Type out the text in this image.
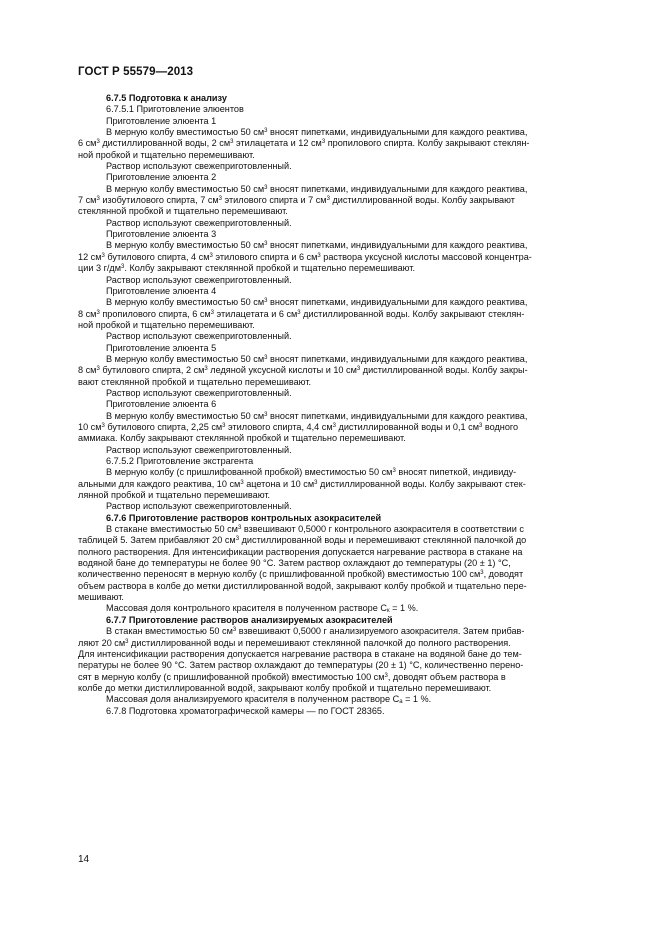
ГОСТ Р 55579—2013

6.7.5 Подготовка к анализу

6.7.5.1 Приготовление элюентов

Приготовление элюента 1

В мерную колбу вместимостью 50 $см^3$ вносят пипетками, индивидуальными для каждого реактива,
6 $см^3$ дистиллированной воды, 2 $см^3$ этилацетата и 12 $см^3$ пропилового спирта. Колбу закрывают стеклян-
ной пробкой и тщательно перемешивают.

Раствор используют свежеприготовленный.

Приготовление элюента 2

В мерную колбу вместимостью 50 $см^3$ вносят пипетками, индивидуальными для каждого реактива,
7 $см^3$ изобутилового спирта, 7 $см^3$ этилового спирта и 7 $см^3$ дистиллированной воды. Колбу закрывают
стеклянной пробкой и тщательно перемешивают.

Раствор используют свежеприготовленный.

Приготовление элюента 3

В мерную колбу вместимостью 50 $см^3$ вносят пипетками, индивидуальными для каждого реактива,
12 $см^3$ бутилового спирта, 4 $см^3$ этилового спирта и 6 $см^3$ раствора уксусной кислоты массовой концентра-
ции 3 $г/дм^3$. Колбу закрывают стеклянной пробкой и тщательно перемешивают.

Раствор используют свежеприготовленный.

Приготовление элюента 4

В мерную колбу вместимостью 50 $см^3$ вносят пипетками, индивидуальными для каждого реактива,
8 $см^3$ пропилового спирта, 6 $см^3$ этилацетата и 6 $см^3$ дистиллированной воды. Колбу закрывают стеклян-
ной пробкой и тщательно перемешивают.

Раствор используют свежеприготовленный.

Приготовление элюента 5

В мерную колбу вместимостью 50 $см^3$ вносят пипетками, индивидуальными для каждого реактива,
8 $см^3$ бутилового спирта, 2 $см^3$ ледяной уксусной кислоты и 10 $см^3$ дистиллированной воды. Колбу закры-
вают стеклянной пробкой и тщательно перемешивают.

Раствор используют свежеприготовленный.

Приготовление элюента 6

В мерную колбу вместимостью 50 $см^3$ вносят пипетками, индивидуальными для каждого реактива,
10 $см^3$ бутилового спирта, 2,25 $см^3$ этилового спирта, 4,4 $см^3$ дистиллированной воды и 0,1 $см^3$ водного
аммиака. Колбу закрывают стеклянной пробкой и тщательно перемешивают.

Раствор используют свежеприготовленный.

6.7.5.2 Приготовление экстрагента

В мерную колбу (с пришлифованной пробкой) вместимостью 50 $см^3$ вносят пипеткой, индивиду-
альными для каждого реактива, 10 $см^3$ ацетона и 10 $см^3$ дистиллированной воды. Колбу закрывают стек-
лянной пробкой и тщательно перемешивают.

Раствор используют свежеприготовленный.

6.7.6 Приготовление растворов контрольных азокрасителей

В стакане вместимостью 50 $см^3$ взвешивают 0,5000 г контрольного азокрасителя в соответствии с
таблицей 5. Затем прибавляют 20 $см^3$ дистиллированной воды и перемешивают стеклянной палочкой до
полного растворения. Для интенсификации растворения допускается нагревание раствора в стакане на
водяной бане до температуры не более 90 °С. Затем раствор охлаждают до температуры (20 ± 1) °С,
количественно переносят в мерную колбу (с пришлифованной пробкой) вместимостью 100 $см^3$, доводят
объем раствора в колбе до метки дистиллированной водой, закрывают колбу пробкой и тщательно пере-
мешивают.

Массовая доля контрольного красителя в полученном растворе $С_к = 1$ %.

6.7.7 Приготовление растворов анализируемых азокрасителей

В стакан вместимостью 50 $см^3$ взвешивают 0,5000 г анализируемого азокрасителя. Затем прибав-
ляют 20 $см^3$ дистиллированной воды и перемешивают стеклянной палочкой до полного растворения.
Для интенсификации растворения допускается нагревание раствора в стакане на водяной бане до тем-
пературы не более 90 °С. Затем раствор охлаждают до температуры (20 ± 1) °С, количественно перено-
сят в мерную колбу (с пришлифованной пробкой) вместимостью 100 $см^3$, доводят объем раствора в
колбе до метки дистиллированной водой, закрывают колбу пробкой и тщательно перемешивают.

Массовая доля анализируемого красителя в полученном растворе $С_а = 1$ %.

6.7.8 Подготовка хроматографической камеры — по ГОСТ 28365.

14
